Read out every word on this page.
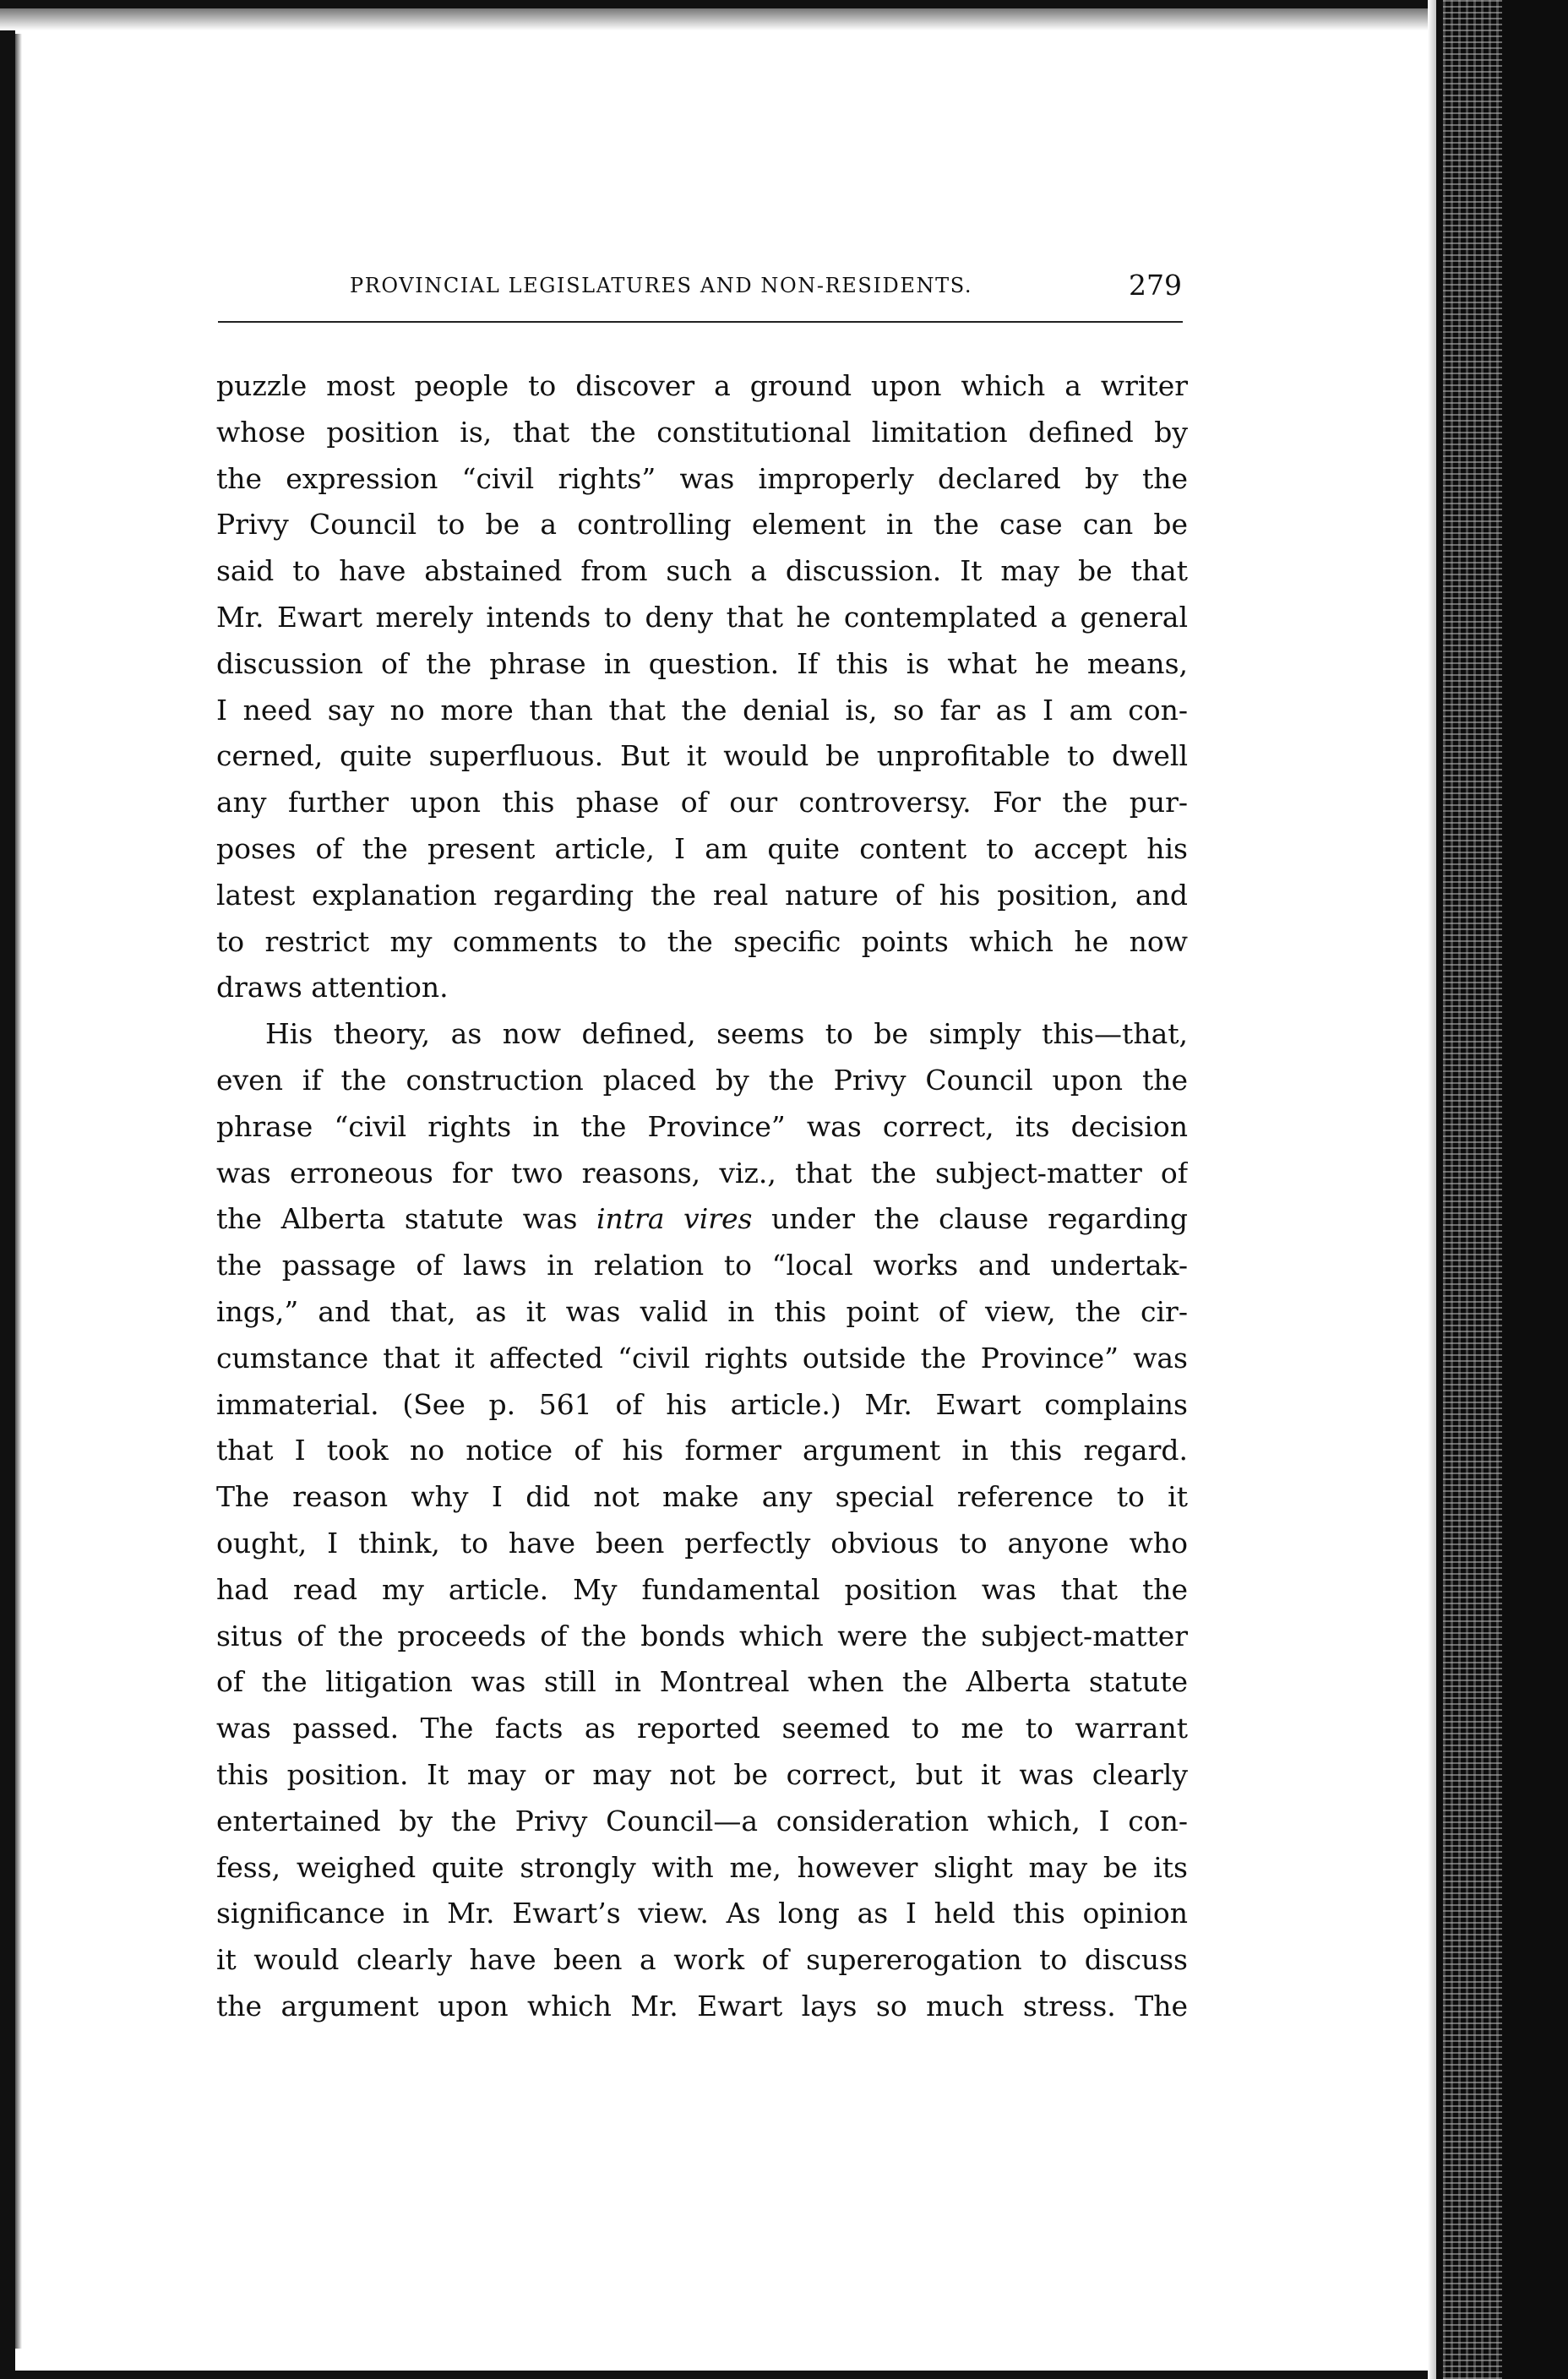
PROVINCIAL LEGISLATURES AND NON-RESIDENTS.	279
puzzle most people to discover a ground upon which a writer
whose position is, that the constitutional limitation defined by
the expression “civil rights” was improperly declared by the
Privy Council to be a controlling element in the case can be
said to have abstained from such a discussion. It may be that
Mr. Ewart merely intends to deny that he contemplated a general
discussion of the phrase in question. If this is what he means,
I need say no more than that the denial is, so far as I am con-
cerned, quite superfluous. But it would be unprofitable to dwell
any further upon this phase of our controversy. For the pur-
poses of the present article, I am quite content to accept his
latest explanation regarding the real nature of his position, and
to restrict my comments to the specific points which he now
draws attention.
His theory, as now defined, seems to be simply this—that,
even if the construction placed by the Privy Council upon the
phrase “civil rights in the Province” was correct, its decision
was erroneous for two reasons, viz., that the subject-matter of
the Alberta statute was intra vires under the clause regarding
the passage of laws in relation to “local works and undertak-
ings,” and that, as it was valid in this point of view, the cir-
cumstance that it affected “civil rights outside the Province” was
immaterial. (See p. 561 of his article.) Mr. Ewart complains
that I took no notice of his former argument in this regard.
The reason why I did not make any special reference to it
ought, I think, to have been perfectly obvious to anyone who
had read my article. My fundamental position was that the
situs of the proceeds of the bonds which were the subject-matter
of the litigation was still in Montreal when the Alberta statute
was passed. The facts as reported seemed to me to warrant
this position. It may or may not be correct, but it was clearly
entertained by the Privy Council—a consideration which, I con-
fess, weighed quite strongly with me, however slight may be its
significance in Mr. Ewart’s view. As long as I held this opinion
it would clearly have been a work of supererogation to discuss
the argument upon which Mr. Ewart lays so much stress. The
